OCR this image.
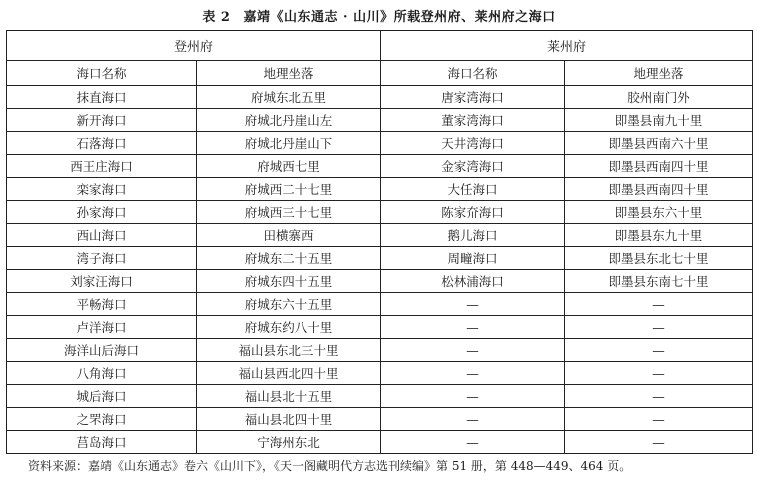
表 2 嘉靖《山东通志 · 山川》所载登州府、莱州府之海口
登州府		莱州府	
海口名称	地理坐落	海口名称	地理坐落
抹直海口	府城东北五里	唐家湾海口	胶州南门外
新开海口	府城北丹崖山左	董家湾海口	即墨县南九十里
石落海口	府城北丹崖山下	天井湾海口	即墨县西南六十里
西王庄海口	府城西七里	金家湾海口	即墨县西南四十里
栾家海口	府城西二十七里	大任海口	即墨县西南四十里
孙家海口	府城西三十七里	陈家夼海口	即墨县东六十里
西山海口	田横寨西	鹅儿海口	即墨县东九十里
湾子海口	府城东二十五里	周疃海口	即墨县东北七十里
刘家汪海口	府城东四十五里	松林浦海口	即墨县东南七十里
平畅海口	府城东六十五里	—	—
卢洋海口	府城东约八十里	—	—
海洋山后海口	福山县东北三十里	—	—
八角海口	福山县西北四十里	—	—
城后海口	福山县北十五里	—	—
之罘海口	福山县北四十里	—	—
莒岛海口	宁海州东北	—	—
资料来源：嘉靖《山东通志》卷六《山川下》，《天一阁藏明代方志选刊续编》第 51 册，第 448—449、464 页。
